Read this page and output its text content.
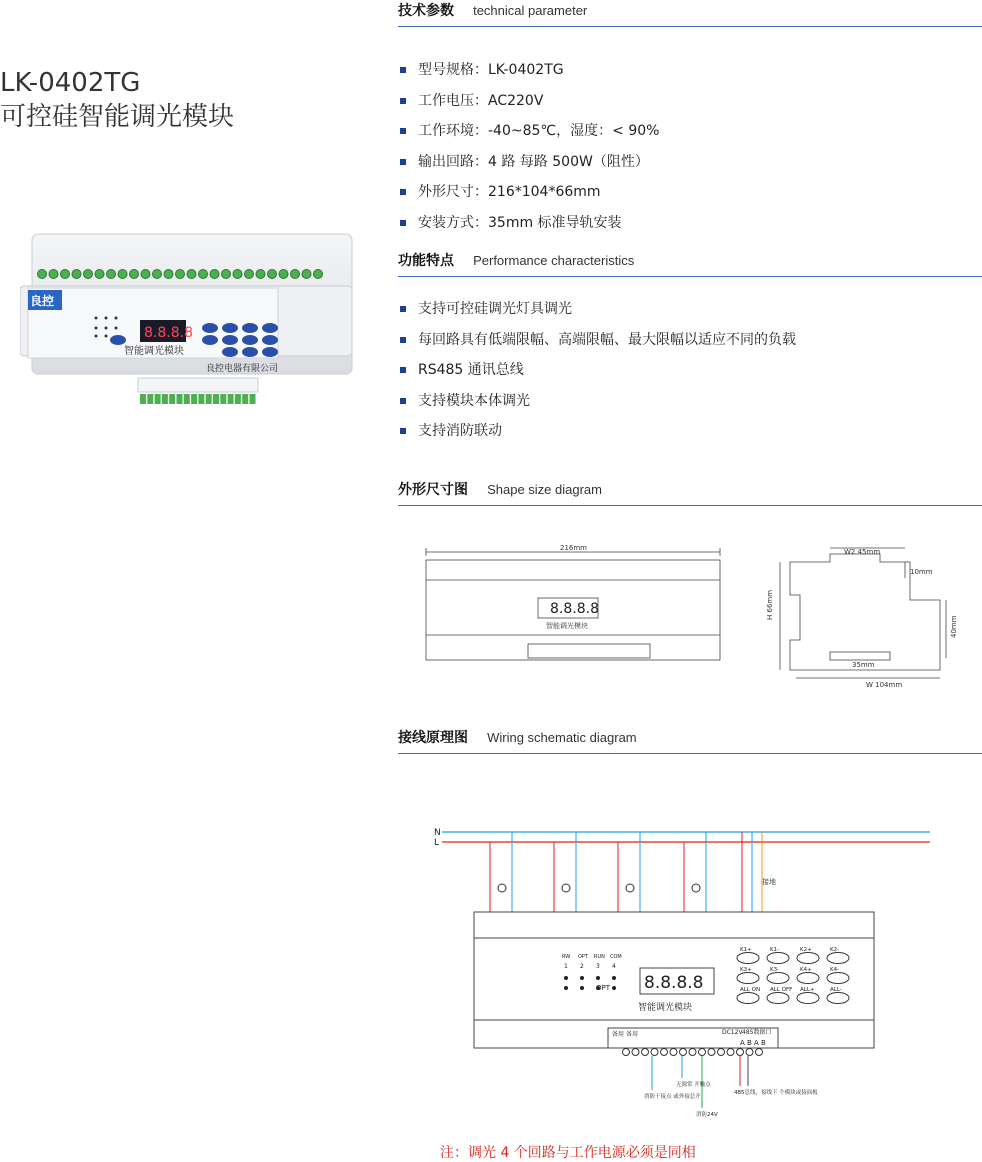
LK-0402TG
可控硅智能调光模块
良控
8.8.8.8
智能调光模块
良控电器有限公司
技术参数 technical parameter
型号规格：LK-0402TG
工作电压：AC220V
工作环境：-40~85℃，湿度：< 90%
输出回路：4 路 每路 500W（阻性）
外形尺寸：216*104*66mm
安装方式：35mm 标准导轨安装
功能特点 Performance characteristics
支持可控硅调光灯具调光
每回路具有低端限幅、高端限幅、最大限幅以适应不同的负载
RS485 通讯总线
支持模块本体调光
支持消防联动
外形尺寸图 Shape size diagram
216mm
智能调光模块
8.8.8.8
W2 45mm
10mm
H 66mm
40mm
35mm
W 104mm
接线原理图 Wiring schematic diagram
N
L
8.8.8.8
智能调光模块
K1+	K1-	K2+	K2-
K3+	K3-	K4+	K4-
ALL ON ALL OFF ALL+	ALL-
RW
1
OPT
2
RUN
3
COM
4
OPT
备用 备用	DC12V 485数据口
A B A B
消防干接点 或外接总开
无源常 开触点
消防24V
485总线，接线下 个模块或接面板
接地
注：调光 4 个回路与工作电源必须是同相
